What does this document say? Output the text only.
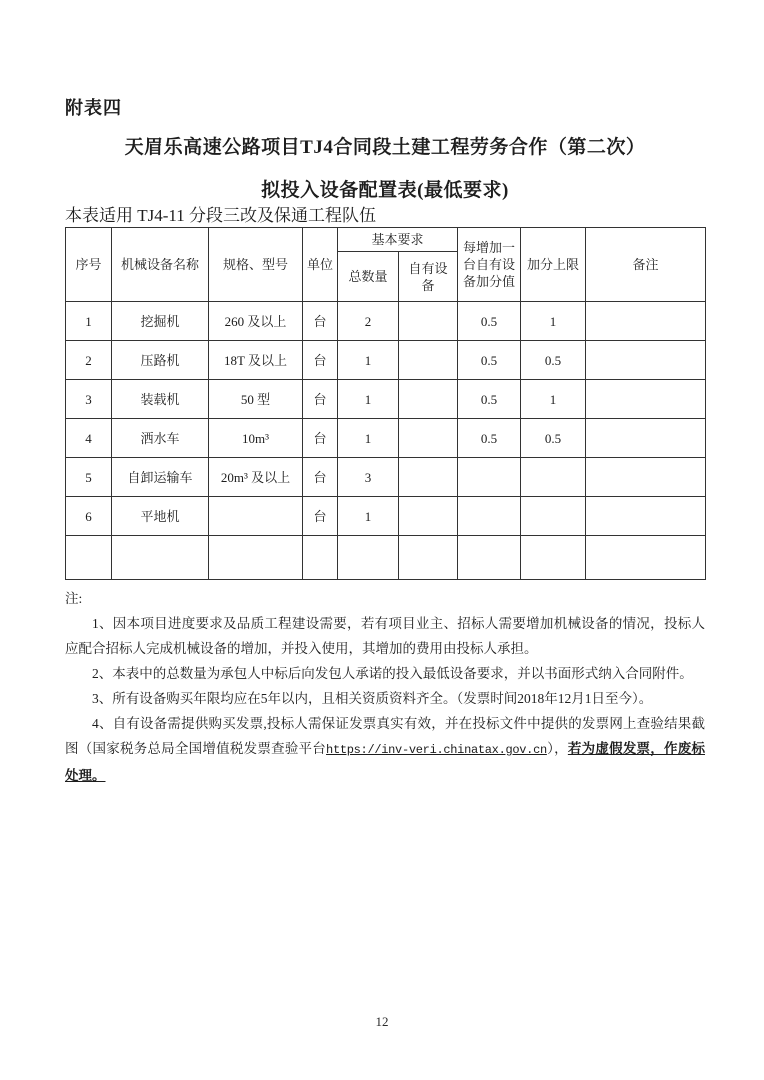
附表四
天眉乐高速公路项目TJ4合同段土建工程劳务合作（第二次）
拟投入设备配置表(最低要求)
本表适用 TJ4-11 分段三改及保通工程队伍
序号	机械设备名称	规格、型号	单位	基本要求		每增加一台自有设备加分值	加分上限	备注
				总数量	自有设备			
1	挖掘机	260 及以上	台	2		0.5	1	
2	压路机	18T 及以上	台	1		0.5	0.5	
3	装载机	50 型	台	1		0.5	1	
4	洒水车	10m³	台	1		0.5	0.5	
5	自卸运输车	20m³ 及以上	台	3				
6	平地机		台	1				

注:

1、因本项目进度要求及品质工程建设需要，若有项目业主、招标人需要增加机械设备的情况，投标人应配合招标人完成机械设备的增加，并投入使用，其增加的费用由投标人承担。

2、本表中的总数量为承包人中标后向发包人承诺的投入最低设备要求，并以书面形式纳入合同附件。

3、所有设备购买年限均应在5年以内，且相关资质资料齐全。（发票时间2018年12月1日至今）。

4、自有设备需提供购买发票,投标人需保证发票真实有效，并在投标文件中提供的发票网上查验结果截图（国家税务总局全国增值税发票查验平台https://inv-veri.chinatax.gov.cn），若为虚假发票，作废标处理。

12
